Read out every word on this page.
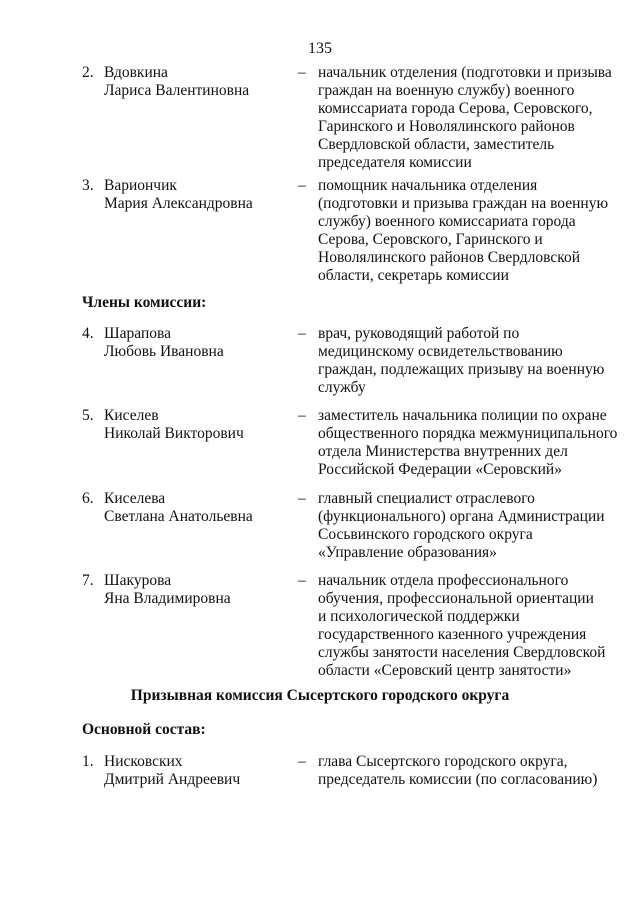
135
2. Вдовкина
Лариса Валентиновна
– начальник отделения (подготовки и призыва
граждан на военную службу) военного
комиссариата города Серова, Серовского,
Гаринского и Новолялинского районов
Свердловской области, заместитель
председателя комиссии
3. Вариончик
Мария Александровна
– помощник начальника отделения
(подготовки и призыва граждан на военную
службу) военного комиссариата города
Серова, Серовского, Гаринского и
Новолялинского районов Свердловской
области, секретарь комиссии
Члены комиссии:
4. Шарапова
Любовь Ивановна
– врач, руководящий работой по
медицинскому освидетельствованию
граждан, подлежащих призыву на военную
службу
5. Киселев
Николай Викторович
– заместитель начальника полиции по охране
общественного порядка межмуниципального
отдела Министерства внутренних дел
Российской Федерации «Серовский»
6. Киселева
Светлана Анатольевна
– главный специалист отраслевого
(функционального) органа Администрации
Сосьвинского городского округа
«Управление образования»
7. Шакурова
Яна Владимировна
– начальник отдела профессионального
обучения, профессиональной ориентации
и психологической поддержки
государственного казенного учреждения
службы занятости населения Свердловской
области «Серовский центр занятости»
Призывная комиссия Сысертского городского округа
Основной состав:
1. Нисковских
Дмитрий Андреевич
– глава Сысертского городского округа,
председатель комиссии (по согласованию)
